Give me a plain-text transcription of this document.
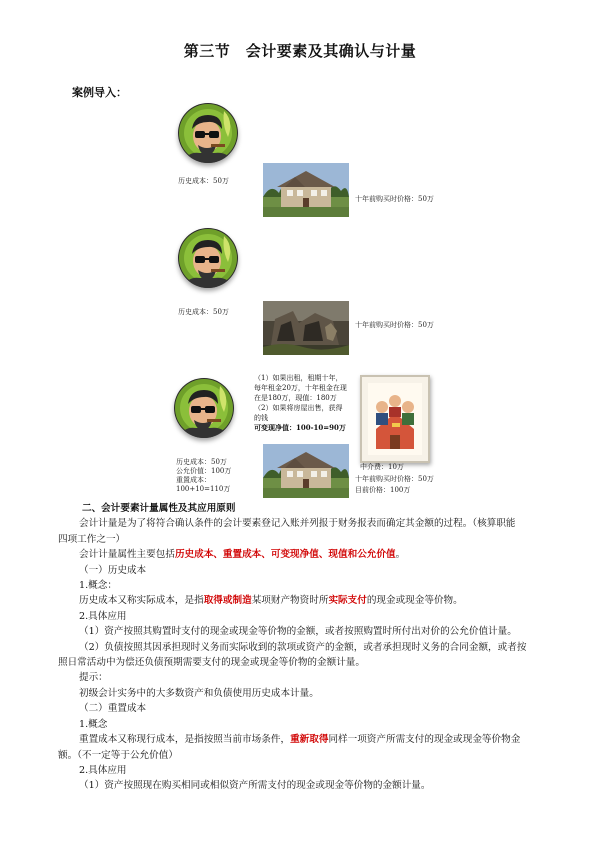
第三节　会计要素及其确认与计量
案例导入：
历史成本：50万
十年前购买时价格：50万
历史成本：50万
十年前购买时价格：50万
（1）如果出租，租期十年，
每年租金20万，十年租金在现
在是180万，现值：180万
（2）如果将房屋出售，获得
的钱
可变现净值：100-10=90万
中介费：10万
历史成本：50万
公允价值：100万
重置成本：
100+10=110万
十年前购买时价格：50万
目前价格：100万
二、会计要素计量属性及其应用原则
会计计量是为了将符合确认条件的会计要素登记入账并列报于财务报表而确定其金额的过程。（核算职能
四项工作之一）
会计计量属性主要包括历史成本、重置成本、可变现净值、现值和公允价值。
（一）历史成本
1.概念：
历史成本又称实际成本，是指取得或制造某项财产物资时所实际支付的现金或现金等价物。
2.具体应用
（1）资产按照其购置时支付的现金或现金等价物的金额，或者按照购置时所付出对价的公允价值计量。
（2）负债按照其因承担现时义务而实际收到的款项或资产的金额，或者承担现时义务的合同金额，或者按
照日常活动中为偿还负债预期需要支付的现金或现金等价物的金额计量。
提示：
初级会计实务中的大多数资产和负债使用历史成本计量。
（二）重置成本
1.概念
重置成本又称现行成本，是指按照当前市场条件，重新取得同样一项资产所需支付的现金或现金等价物金
额。（不一定等于公允价值）
2.具体应用
（1）资产按照现在购买相同或相似资产所需支付的现金或现金等价物的金额计量。
